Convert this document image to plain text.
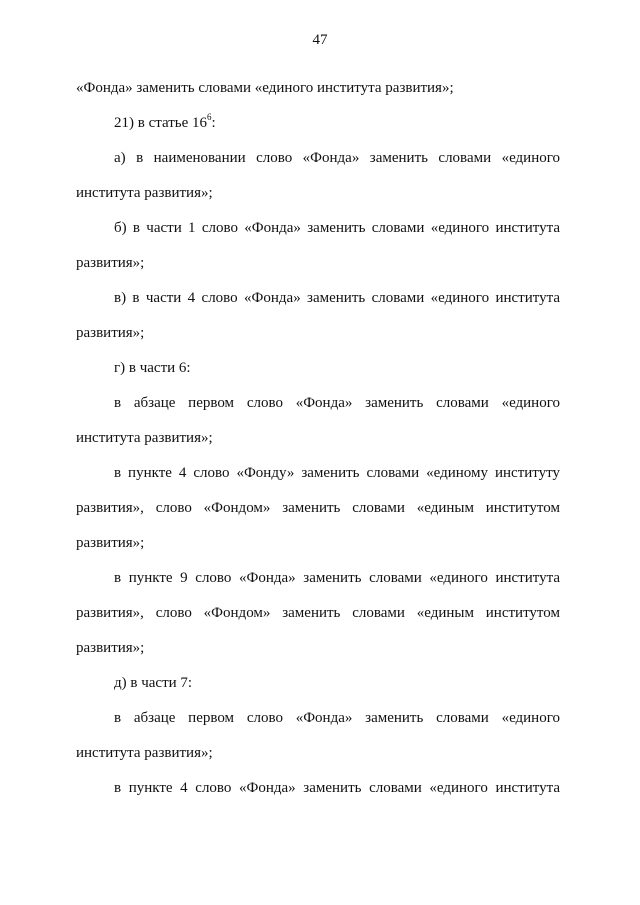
47

«Фонда» заменить словами «единого института развития»;

21) в статье $16^6$:

а) в наименовании слово «Фонда» заменить словами «единого института развития»;

б) в части 1 слово «Фонда» заменить словами «единого института развития»;

в) в части 4 слово «Фонда» заменить словами «единого института развития»;

г) в части 6:

в абзаце первом слово «Фонда» заменить словами «единого института развития»;

в пункте 4 слово «Фонду» заменить словами «единому институту развития», слово «Фондом» заменить словами «единым институтом развития»;

в пункте 9 слово «Фонда» заменить словами «единого института развития», слово «Фондом» заменить словами «единым институтом развития»;

д) в части 7:

в абзаце первом слово «Фонда» заменить словами «единого института развития»;

в пункте 4 слово «Фонда» заменить словами «единого института
